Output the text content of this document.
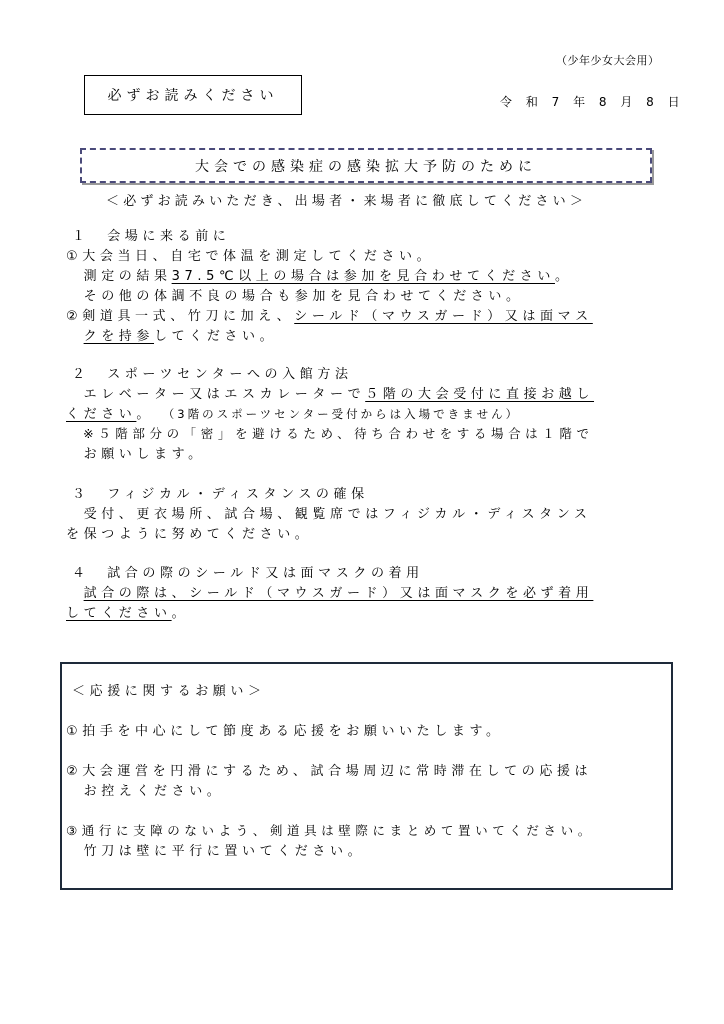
（少年少女大会用）
必ずお読みください	令 和 7 年 8 月 8 日
大会での感染症の感染拡大予防のために
＜必ずお読みいただき、出場者・来場者に徹底してください＞
１　会場に来る前に
①大会当日、自宅で体温を測定してください。
　測定の結果37.5℃以上の場合は参加を見合わせてください。
　その他の体調不良の場合も参加を見合わせてください。
②剣道具一式、竹刀に加え、シールド（マウスガード）又は面マス
　クを持参してください。
２　スポーツセンターへの入館方法
　エレベーター又はエスカレーターで５階の大会受付に直接お越し
ください。 （3階のスポーツセンター受付からは入場できません）
　※５階部分の「密」を避けるため、待ち合わせをする場合は１階で
　お願いします。
３　フィジカル・ディスタンスの確保
　受付、更衣場所、試合場、観覧席ではフィジカル・ディスタンス
を保つように努めてください。
４　試合の際のシールド又は面マスクの着用
　試合の際は、シールド（マウスガード）又は面マスクを必ず着用
してください。
＜応援に関するお願い＞
①拍手を中心にして節度ある応援をお願いいたします。
②大会運営を円滑にするため、試合場周辺に常時滞在しての応援は
　お控えください。
③通行に支障のないよう、剣道具は壁際にまとめて置いてください。
　竹刀は壁に平行に置いてください。
